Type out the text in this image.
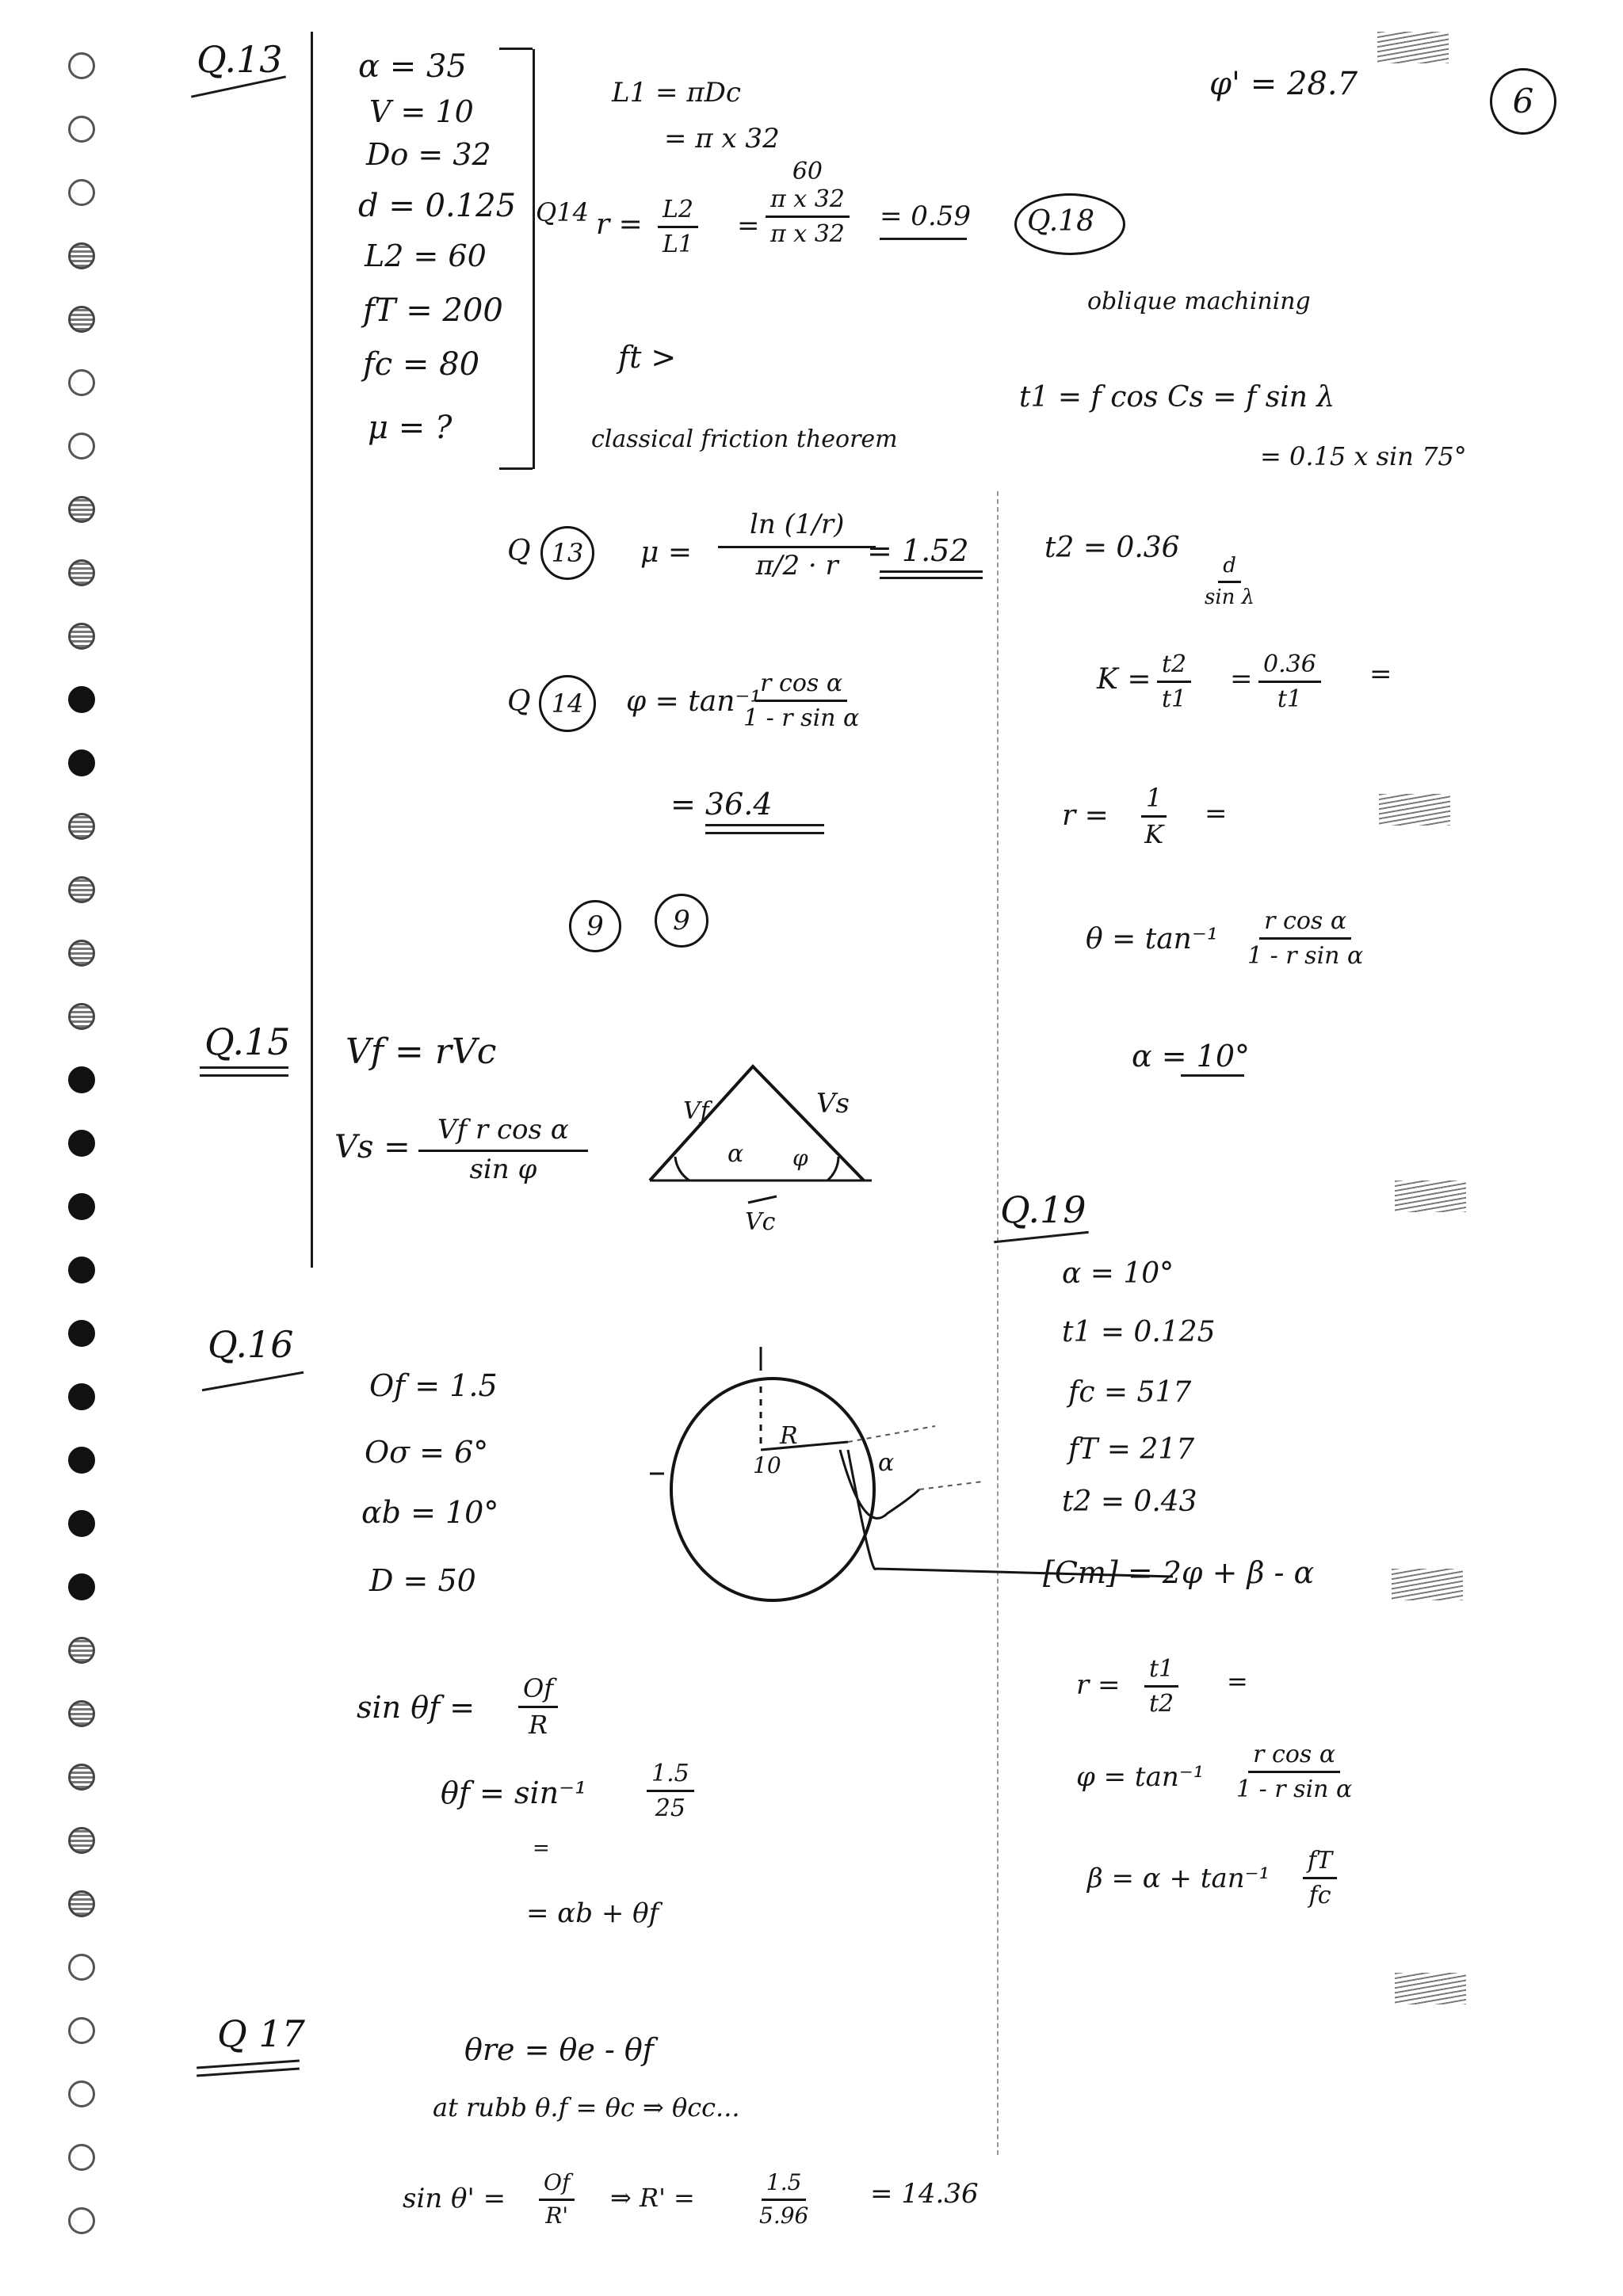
6
Q.13 α = 35
V = 10
Do = 32
d = 0.125
L2 = 60
fT = 200
fc = 80
μ = ?
L1 = πDc
= π x 32
Q14 $r = \frac{L2}{L1}$ =
60
π x 32
π x 32
= 0.59
ft >
classical friction theorem
Q 13 $\mu = \frac{\ln (1/r)}{\pi/2 \cdot r}$
= 1.52
Q 14 φ = tan⁻¹
$\frac{\text{r cos α}}{\text{1 - r sin α}}$
= 36.4
9	9
φ' = 28.7
Q.18
oblique machining
t1 = f cos Cs = f sin λ
= 0.15 x sin 75°
t2 = 0.36
$\frac{d}{\text{sin λ}}$
$K = \frac{t2}{t1} = \frac{0.36}{t1}$ =
$r = \frac{1}{K}$ =
$\theta = \tan^{-1} \frac{\text{r cos α}}{\text{1 - r sin α}}$
α = 10°
Q.15 Vf = rVc
$Vs = \frac{\text{Vf r cos α}}{\text{sin φ}}$
Vf	Vs
Vc
α φ
Q.16
Of = 1.5
Oσ = 6°
αb = 10°
D = 50
R
10	α
$\sin \theta f = \frac{Of}{R}$
θf = sin⁻¹	$\frac{1.5}{25}$
=
= αb + θf
Q 17	θre = θe - θf
at rubb θ.f = θc ⇒ θcc...
$\sin \theta' = \frac{Of}{R'}$ ⇒ R' =	$\frac{1.5}{5.96} = 14.36$
Q.19
α = 10°
t1 = 0.125
fc = 517
fT = 217
t2 = 0.43
[Cm] = 2φ + β - α
$r = \frac{t1}{t2}$ =
$\varphi = \tan^{-1} \frac{\text{r cos α}}{\text{1 - r sin α}}$
$\beta = \alpha + \tan^{-1} \frac{fT}{fc}$
